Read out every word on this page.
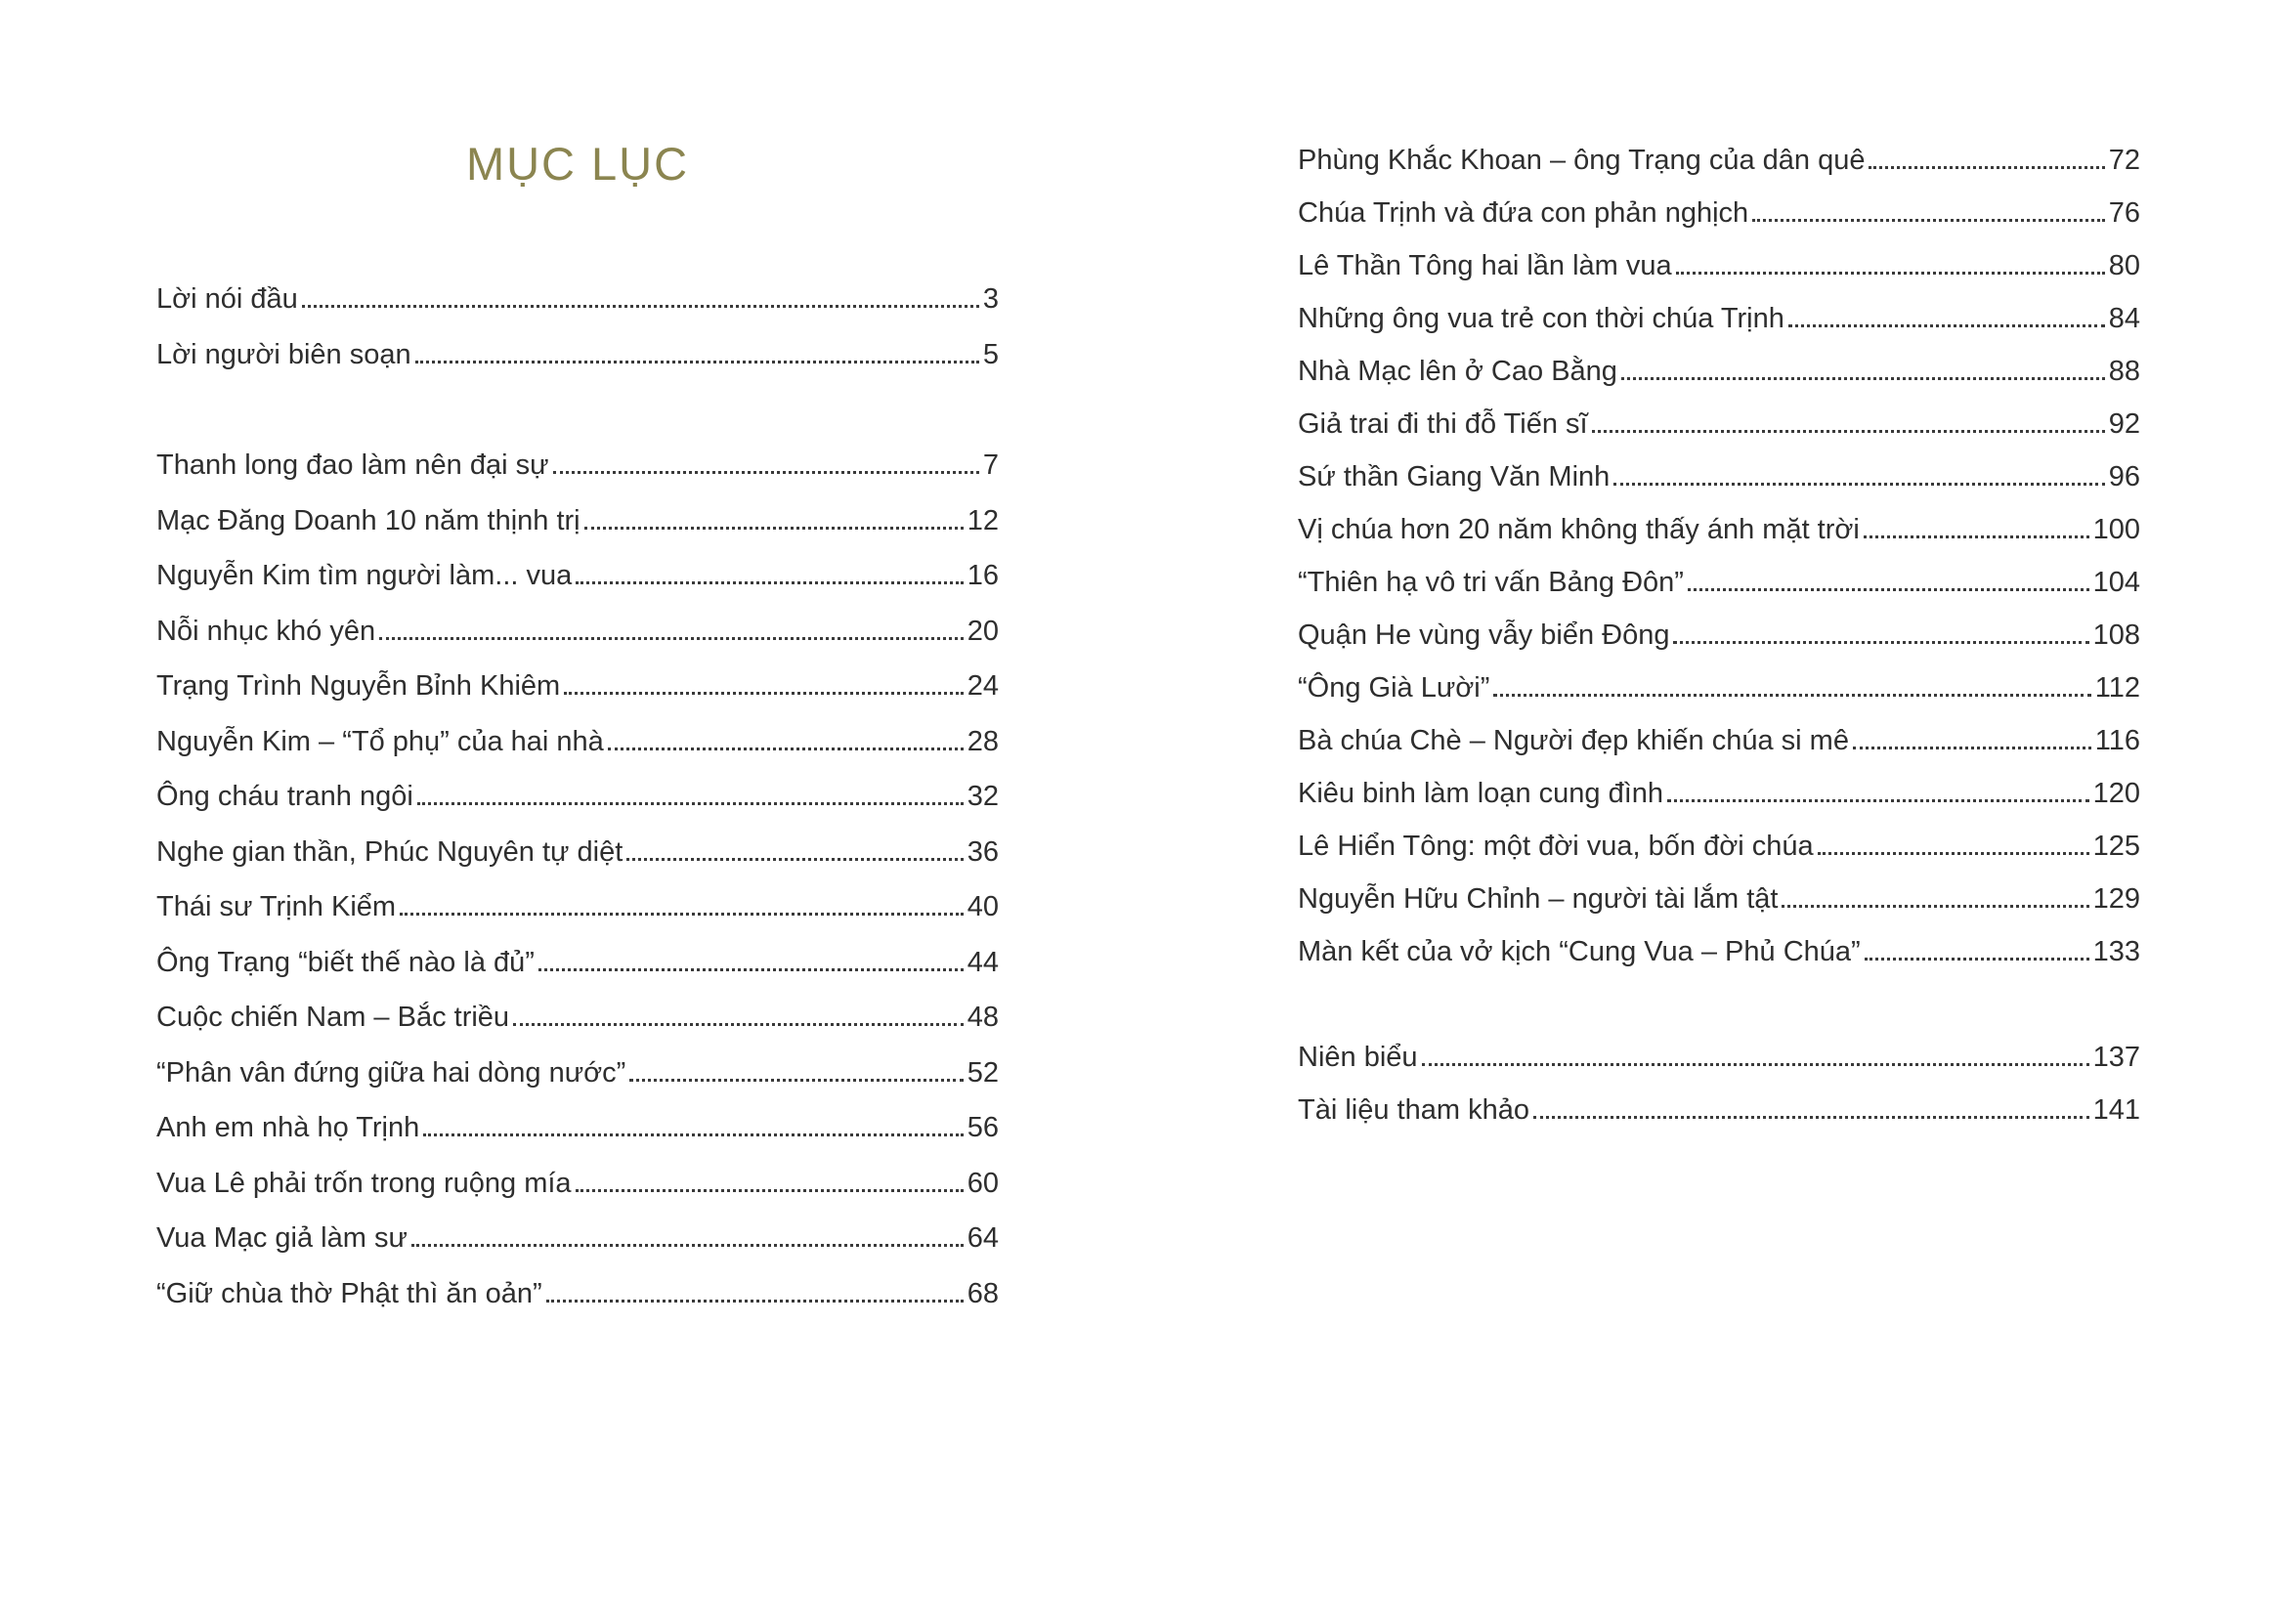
MỤC LỤC
Lời nói đầu	3
Lời người biên soạn	5
Thanh long đao làm nên đại sự	7
Mạc Đăng Doanh 10 năm thịnh trị	12
Nguyễn Kim tìm người làm... vua	16
Nỗi nhục khó yên	20
Trạng Trình Nguyễn Bỉnh Khiêm	24
Nguyễn Kim – “Tổ phụ” của hai nhà	28
Ông cháu tranh ngôi	32
Nghe gian thần, Phúc Nguyên tự diệt	36
Thái sư Trịnh Kiểm	40
Ông Trạng “biết thế nào là đủ”	44
Cuộc chiến Nam – Bắc triều	48
“Phân vân đứng giữa hai dòng nước”	52
Anh em nhà họ Trịnh	56
Vua Lê phải trốn trong ruộng mía	60
Vua Mạc giả làm sư	64
“Giữ chùa thờ Phật thì ăn oản”	68
Phùng Khắc Khoan – ông Trạng của dân quê	72
Chúa Trịnh và đứa con phản nghịch	76
Lê Thần Tông hai lần làm vua	80
Những ông vua trẻ con thời chúa Trịnh	84
Nhà Mạc lên ở Cao Bằng	88
Giả trai đi thi đỗ Tiến sĩ	92
Sứ thần Giang Văn Minh	96
Vị chúa hơn 20 năm không thấy ánh mặt trời	100
“Thiên hạ vô tri vấn Bảng Đôn”	104
Quận He vùng vẫy biển Đông	108
“Ông Già Lười”	112
Bà chúa Chè – Người đẹp khiến chúa si mê	116
Kiêu binh làm loạn cung đình	120
Lê Hiển Tông: một đời vua, bốn đời chúa	125
Nguyễn Hữu Chỉnh – người tài lắm tật	129
Màn kết của vở kịch “Cung Vua – Phủ Chúa”	133
Niên biểu	137
Tài liệu tham khảo	141
